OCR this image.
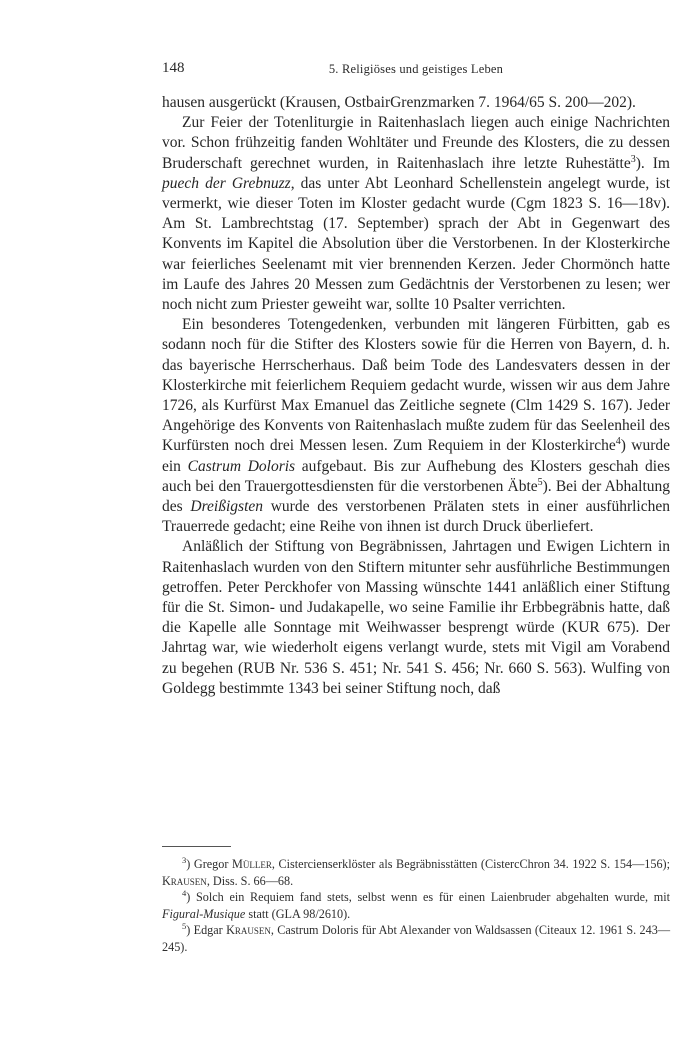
148	5. Religiöses und geistiges Leben

hausen ausgerückt (Krausen, OstbairGrenzmarken 7. 1964/65 S. 200—202).

Zur Feier der Totenliturgie in Raitenhaslach liegen auch einige Nachrichten vor. Schon frühzeitig fanden Wohltäter und Freunde des Klosters, die zu dessen Bruderschaft gerechnet wurden, in Raitenhaslach ihre letzte Ruhestätte$^3$). Im puech der Grebnuzz, das unter Abt Leonhard Schellenstein angelegt wurde, ist vermerkt, wie dieser Toten im Kloster gedacht wurde (Cgm 1823 S. 16—18v). Am St. Lambrechtstag (17. September) sprach der Abt in Gegenwart des Konvents im Kapitel die Absolution über die Verstorbenen. In der Klosterkirche war feierliches Seelenamt mit vier brennenden Kerzen. Jeder Chormönch hatte im Laufe des Jahres 20 Messen zum Gedächtnis der Verstorbenen zu lesen; wer noch nicht zum Priester geweiht war, sollte 10 Psalter verrichten.

Ein besonderes Totengedenken, verbunden mit längeren Fürbitten, gab es sodann noch für die Stifter des Klosters sowie für die Herren von Bayern, d. h. das bayerische Herrscherhaus. Daß beim Tode des Landesvaters dessen in der Klosterkirche mit feierlichem Requiem gedacht wurde, wissen wir aus dem Jahre 1726, als Kurfürst Max Emanuel das Zeitliche segnete (Clm 1429 S. 167). Jeder Angehörige des Konvents von Raitenhaslach mußte zudem für das Seelenheil des Kurfürsten noch drei Messen lesen. Zum Requiem in der Klosterkirche$^4$) wurde ein Castrum Doloris aufgebaut. Bis zur Aufhebung des Klosters geschah dies auch bei den Trauergottesdiensten für die verstorbenen Äbte$^5$). Bei der Abhaltung des Dreißigsten wurde des verstorbenen Prälaten stets in einer ausführlichen Trauerrede gedacht; eine Reihe von ihnen ist durch Druck überliefert.

Anläßlich der Stiftung von Begräbnissen, Jahrtagen und Ewigen Lichtern in Raitenhaslach wurden von den Stiftern mitunter sehr ausführliche Bestimmungen getroffen. Peter Perckhofer von Massing wünschte 1441 anläßlich einer Stiftung für die St. Simon- und Judakapelle, wo seine Familie ihr Erbbegräbnis hatte, daß die Kapelle alle Sonntage mit Weihwasser besprengt würde (KUR 675). Der Jahrtag war, wie wiederholt eigens verlangt wurde, stets mit Vigil am Vorabend zu begehen (RUB Nr. 536 S. 451; Nr. 541 S. 456; Nr. 660 S. 563). Wulfing von Goldegg bestimmte 1343 bei seiner Stiftung noch, daß

$^3$) Gregor Müller, Cistercienserklöster als Begräbnisstätten (CistercChron 34. 1922 S. 154—156); Krausen, Diss. S. 66—68.

$^4$) Solch ein Requiem fand stets, selbst wenn es für einen Laienbruder abgehalten wurde, mit Figural-Musique statt (GLA 98/2610).

$^5$) Edgar Krausen, Castrum Doloris für Abt Alexander von Waldsassen (Citeaux 12. 1961 S. 243—245).
